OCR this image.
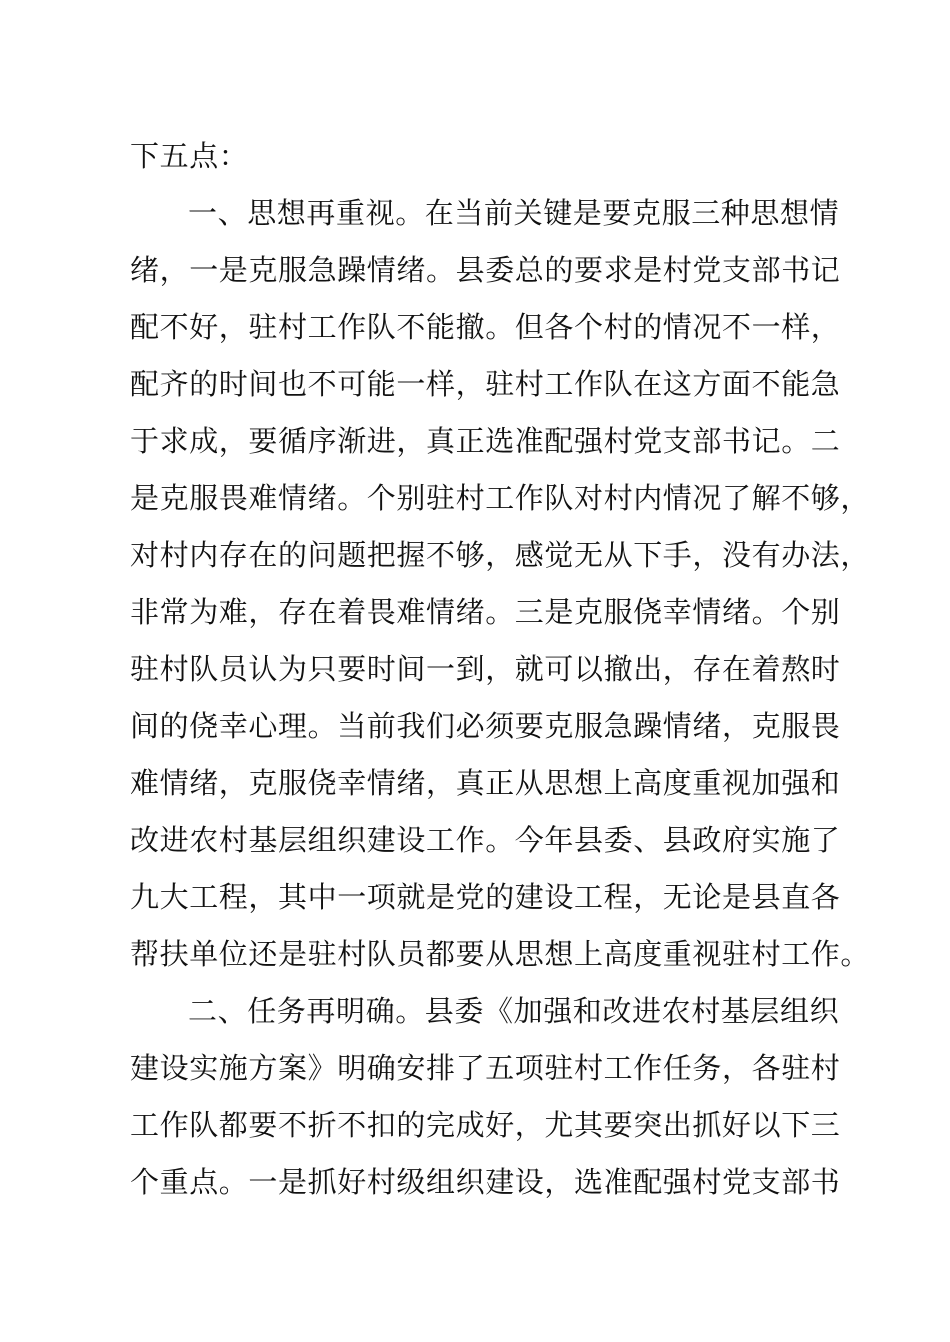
下五点：
一、思想再重视。在当前关键是要克服三种思想情
绪，一是克服急躁情绪。县委总的要求是村党支部书记
配不好，驻村工作队不能撤。但各个村的情况不一样，
配齐的时间也不可能一样，驻村工作队在这方面不能急
于求成，要循序渐进，真正选准配强村党支部书记。二
是克服畏难情绪。个别驻村工作队对村内情况了解不够，
对村内存在的问题把握不够，感觉无从下手，没有办法，
非常为难，存在着畏难情绪。三是克服侥幸情绪。个别
驻村队员认为只要时间一到，就可以撤出，存在着熬时
间的侥幸心理。当前我们必须要克服急躁情绪，克服畏
难情绪，克服侥幸情绪，真正从思想上高度重视加强和
改进农村基层组织建设工作。今年县委、县政府实施了
九大工程，其中一项就是党的建设工程，无论是县直各
帮扶单位还是驻村队员都要从思想上高度重视驻村工作。
二、任务再明确。县委《加强和改进农村基层组织
建设实施方案》明确安排了五项驻村工作任务，各驻村
工作队都要不折不扣的完成好，尤其要突出抓好以下三
个重点。一是抓好村级组织建设，选准配强村党支部书
